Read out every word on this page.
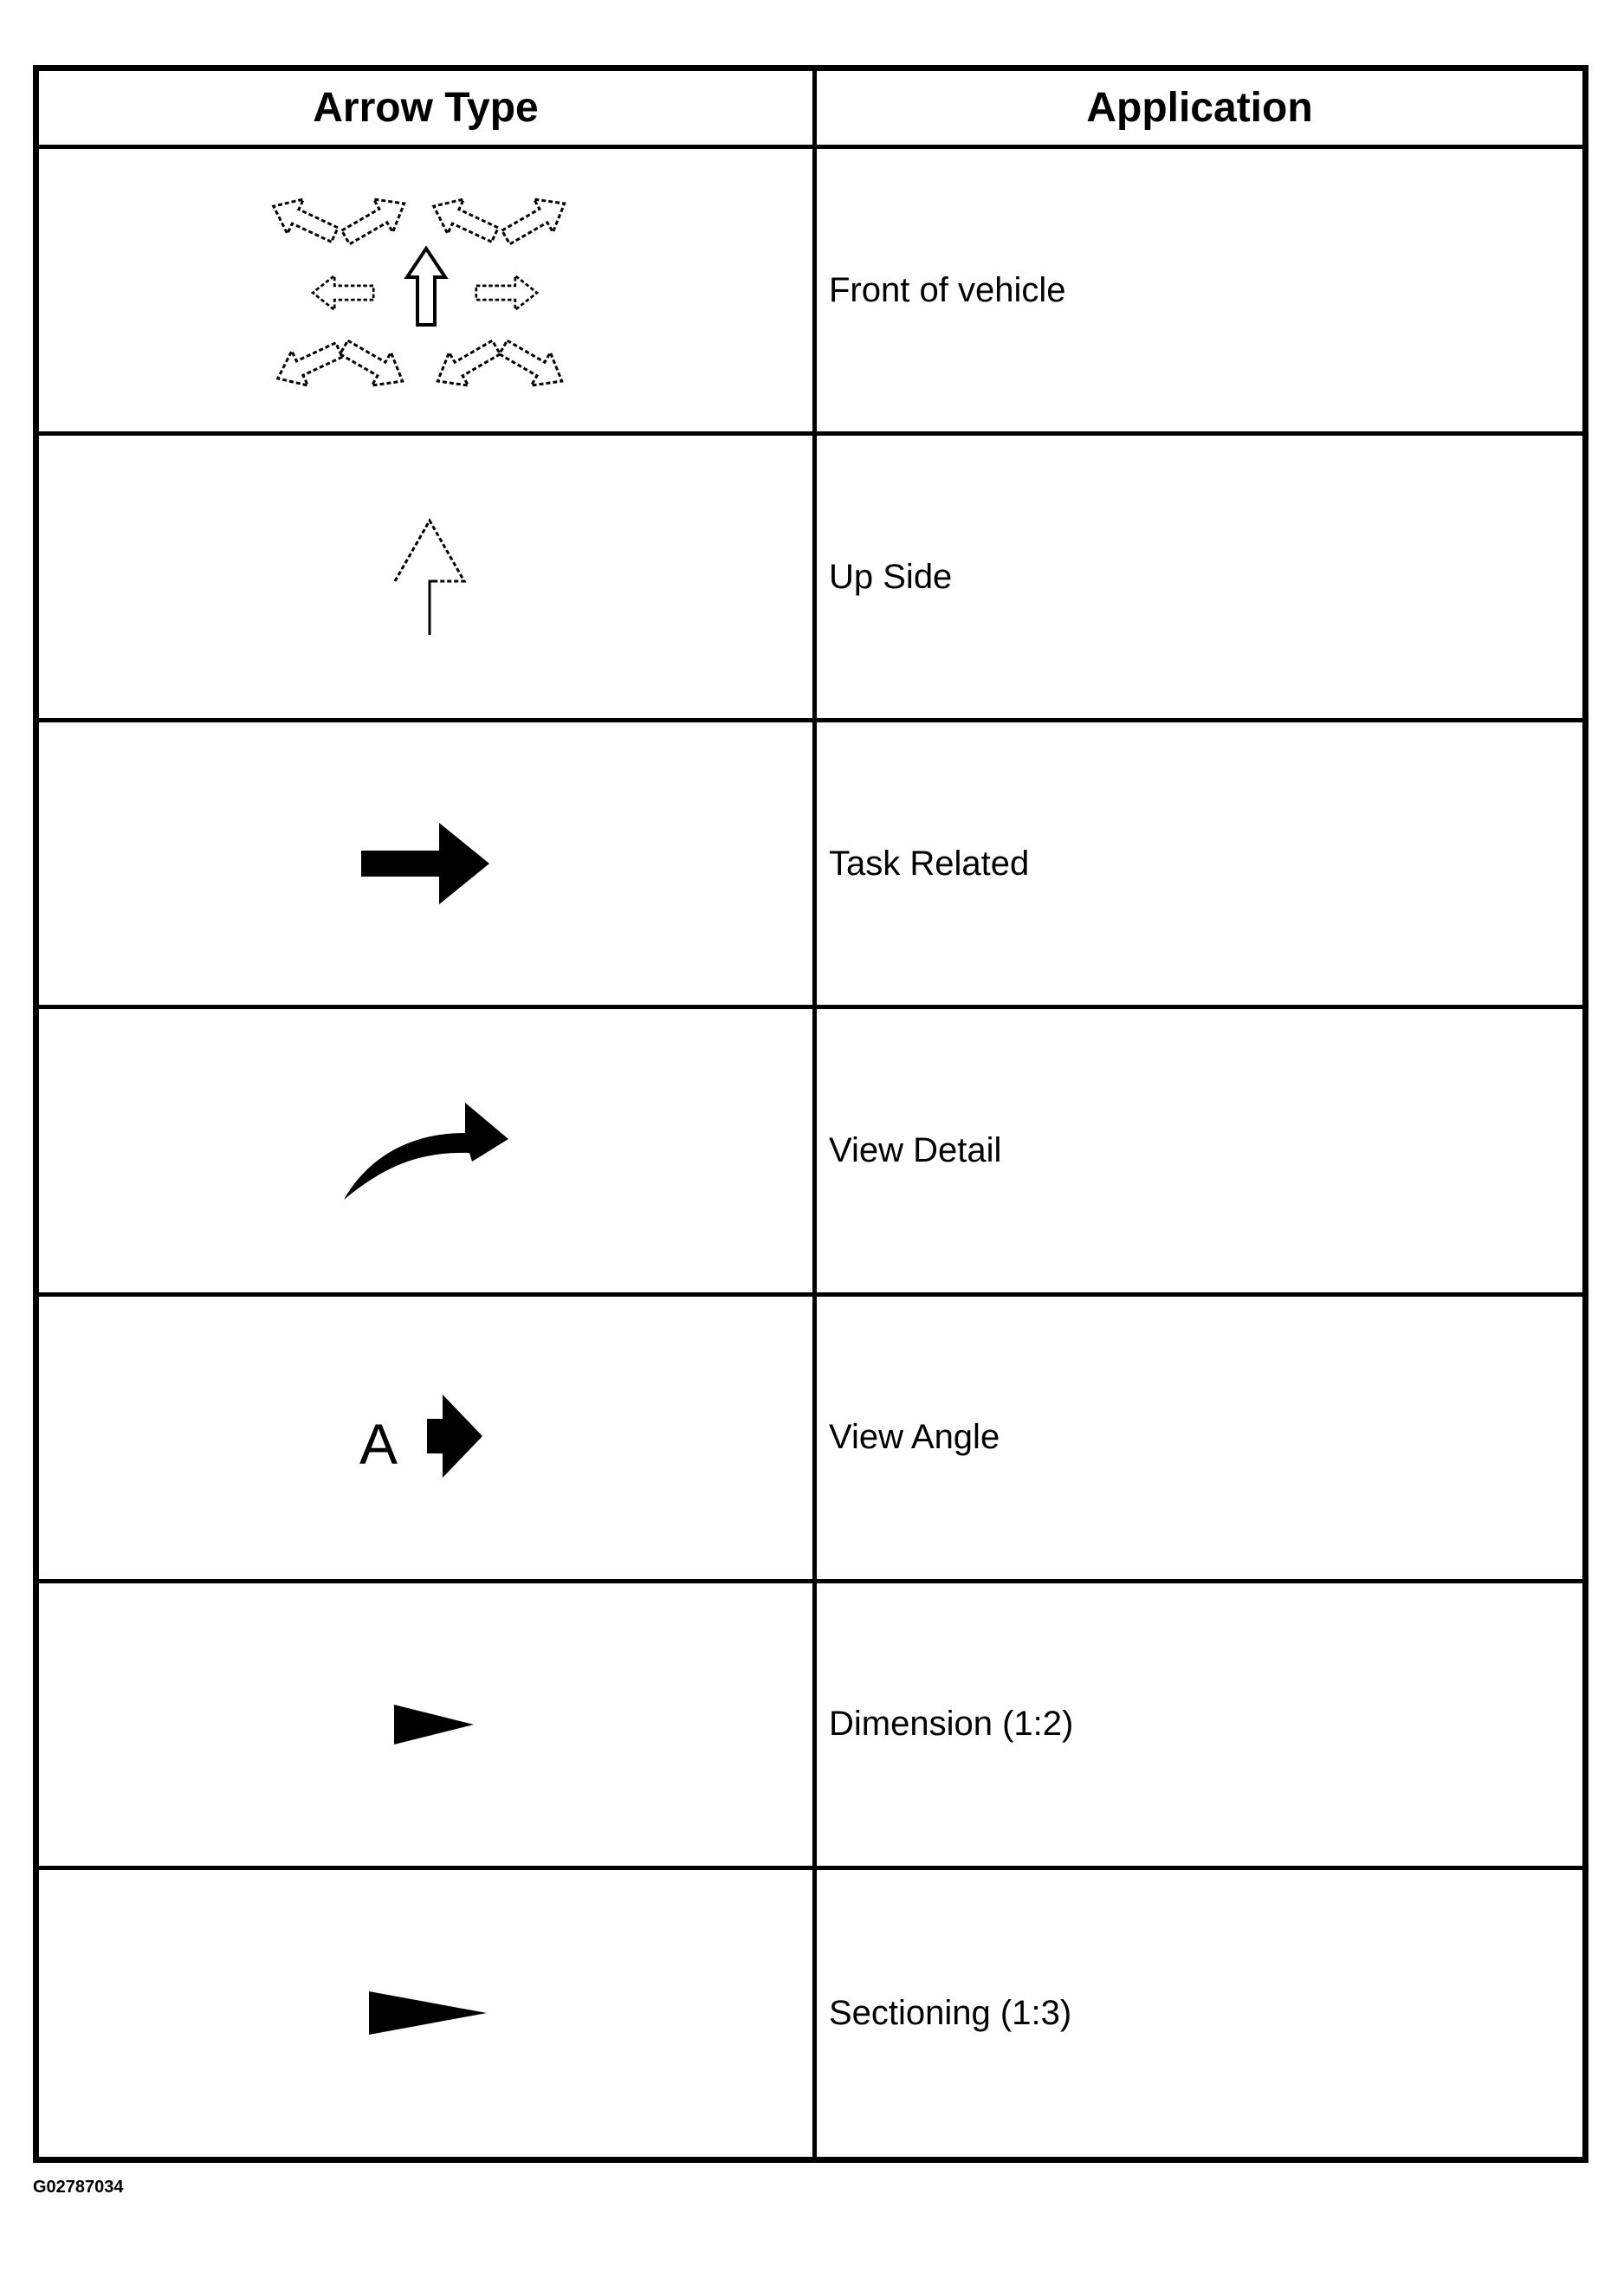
Arrow Type	Application
Front of vehicle
Up Side
Task Related
View Detail
A	View Angle
Dimension (1:2)
Sectioning (1:3)
G02787034
